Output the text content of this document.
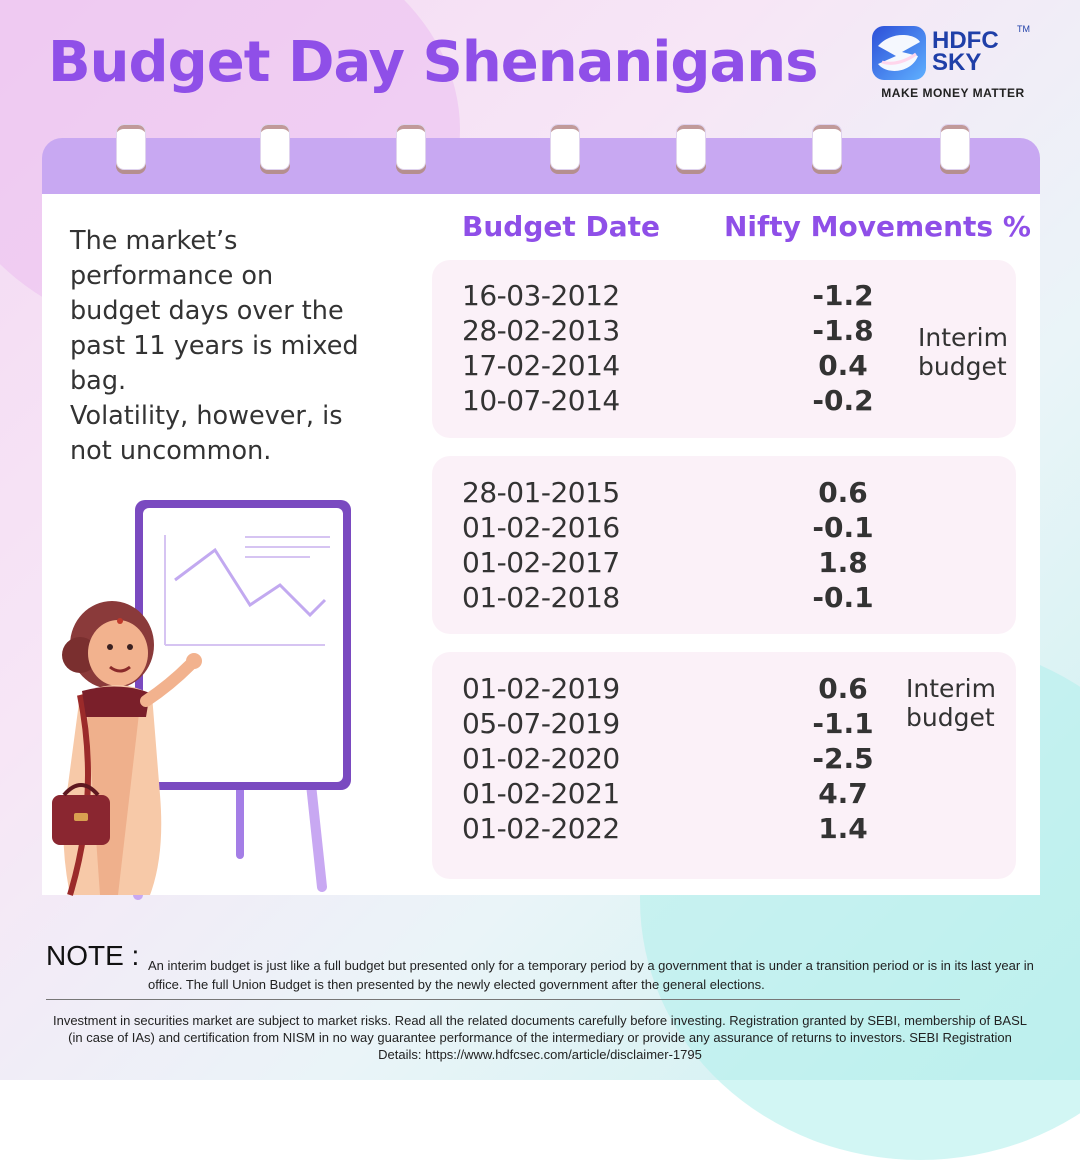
Budget Day Shenanigans	HDFC
SKY
TM
MAKE MONEY MATTER

The market’s
performance on
budget days over the
past 11 years is mixed
bag.
Volatility, however, is
not uncommon.

Budget Date Nifty Movements %
16-03-2012	-1.2
28-02-2013	-1.8
17-02-2014	0.4
10-07-2014	-0.2
Interim
budget
28-01-2015	0.6
01-02-2016	-0.1
01-02-2017	1.8
01-02-2018	-0.1
01-02-2019	0.6
05-07-2019	-1.1
01-02-2020	-2.5
01-02-2021	4.7
01-02-2022	1.4
Interim
budget
NOTE : An interim budget is just like a full budget but presented only for a temporary period by a government that is under a transition period or is in its last year in office. The full Union Budget is then presented by the newly elected government after the general elections.

Investment in securities market are subject to market risks. Read all the related documents carefully before investing. Registration granted by SEBI, membership of BASL (in case of IAs) and certification from NISM in no way guarantee performance of the intermediary or provide any assurance of returns to investors. SEBI Registration Details: https://www.hdfcsec.com/article/disclaimer-1795
